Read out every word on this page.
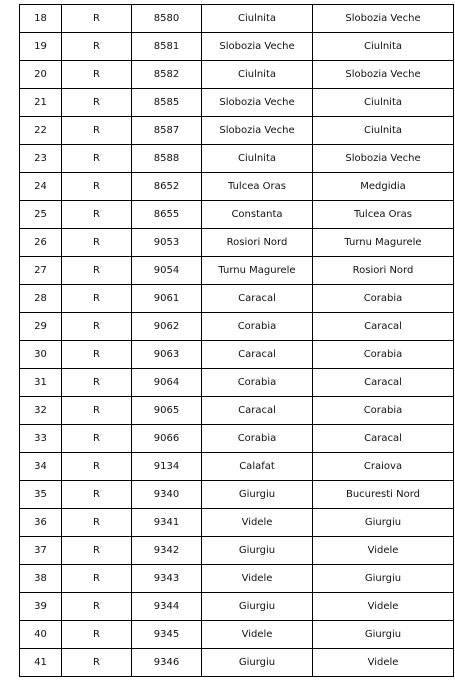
18	R	8580	Ciulnita	Slobozia Veche
19	R	8581	Slobozia Veche	Ciulnita
20	R	8582	Ciulnita	Slobozia Veche
21	R	8585	Slobozia Veche	Ciulnita
22	R	8587	Slobozia Veche	Ciulnita
23	R	8588	Ciulnita	Slobozia Veche
24	R	8652	Tulcea Oras	Medgidia
25	R	8655	Constanta	Tulcea Oras
26	R	9053	Rosiori Nord	Turnu Magurele
27	R	9054	Turnu Magurele	Rosiori Nord
28	R	9061	Caracal	Corabia
29	R	9062	Corabia	Caracal
30	R	9063	Caracal	Corabia
31	R	9064	Corabia	Caracal
32	R	9065	Caracal	Corabia
33	R	9066	Corabia	Caracal
34	R	9134	Calafat	Craiova
35	R	9340	Giurgiu	Bucuresti Nord
36	R	9341	Videle	Giurgiu
37	R	9342	Giurgiu	Videle
38	R	9343	Videle	Giurgiu
39	R	9344	Giurgiu	Videle
40	R	9345	Videle	Giurgiu
41	R	9346	Giurgiu	Videle
